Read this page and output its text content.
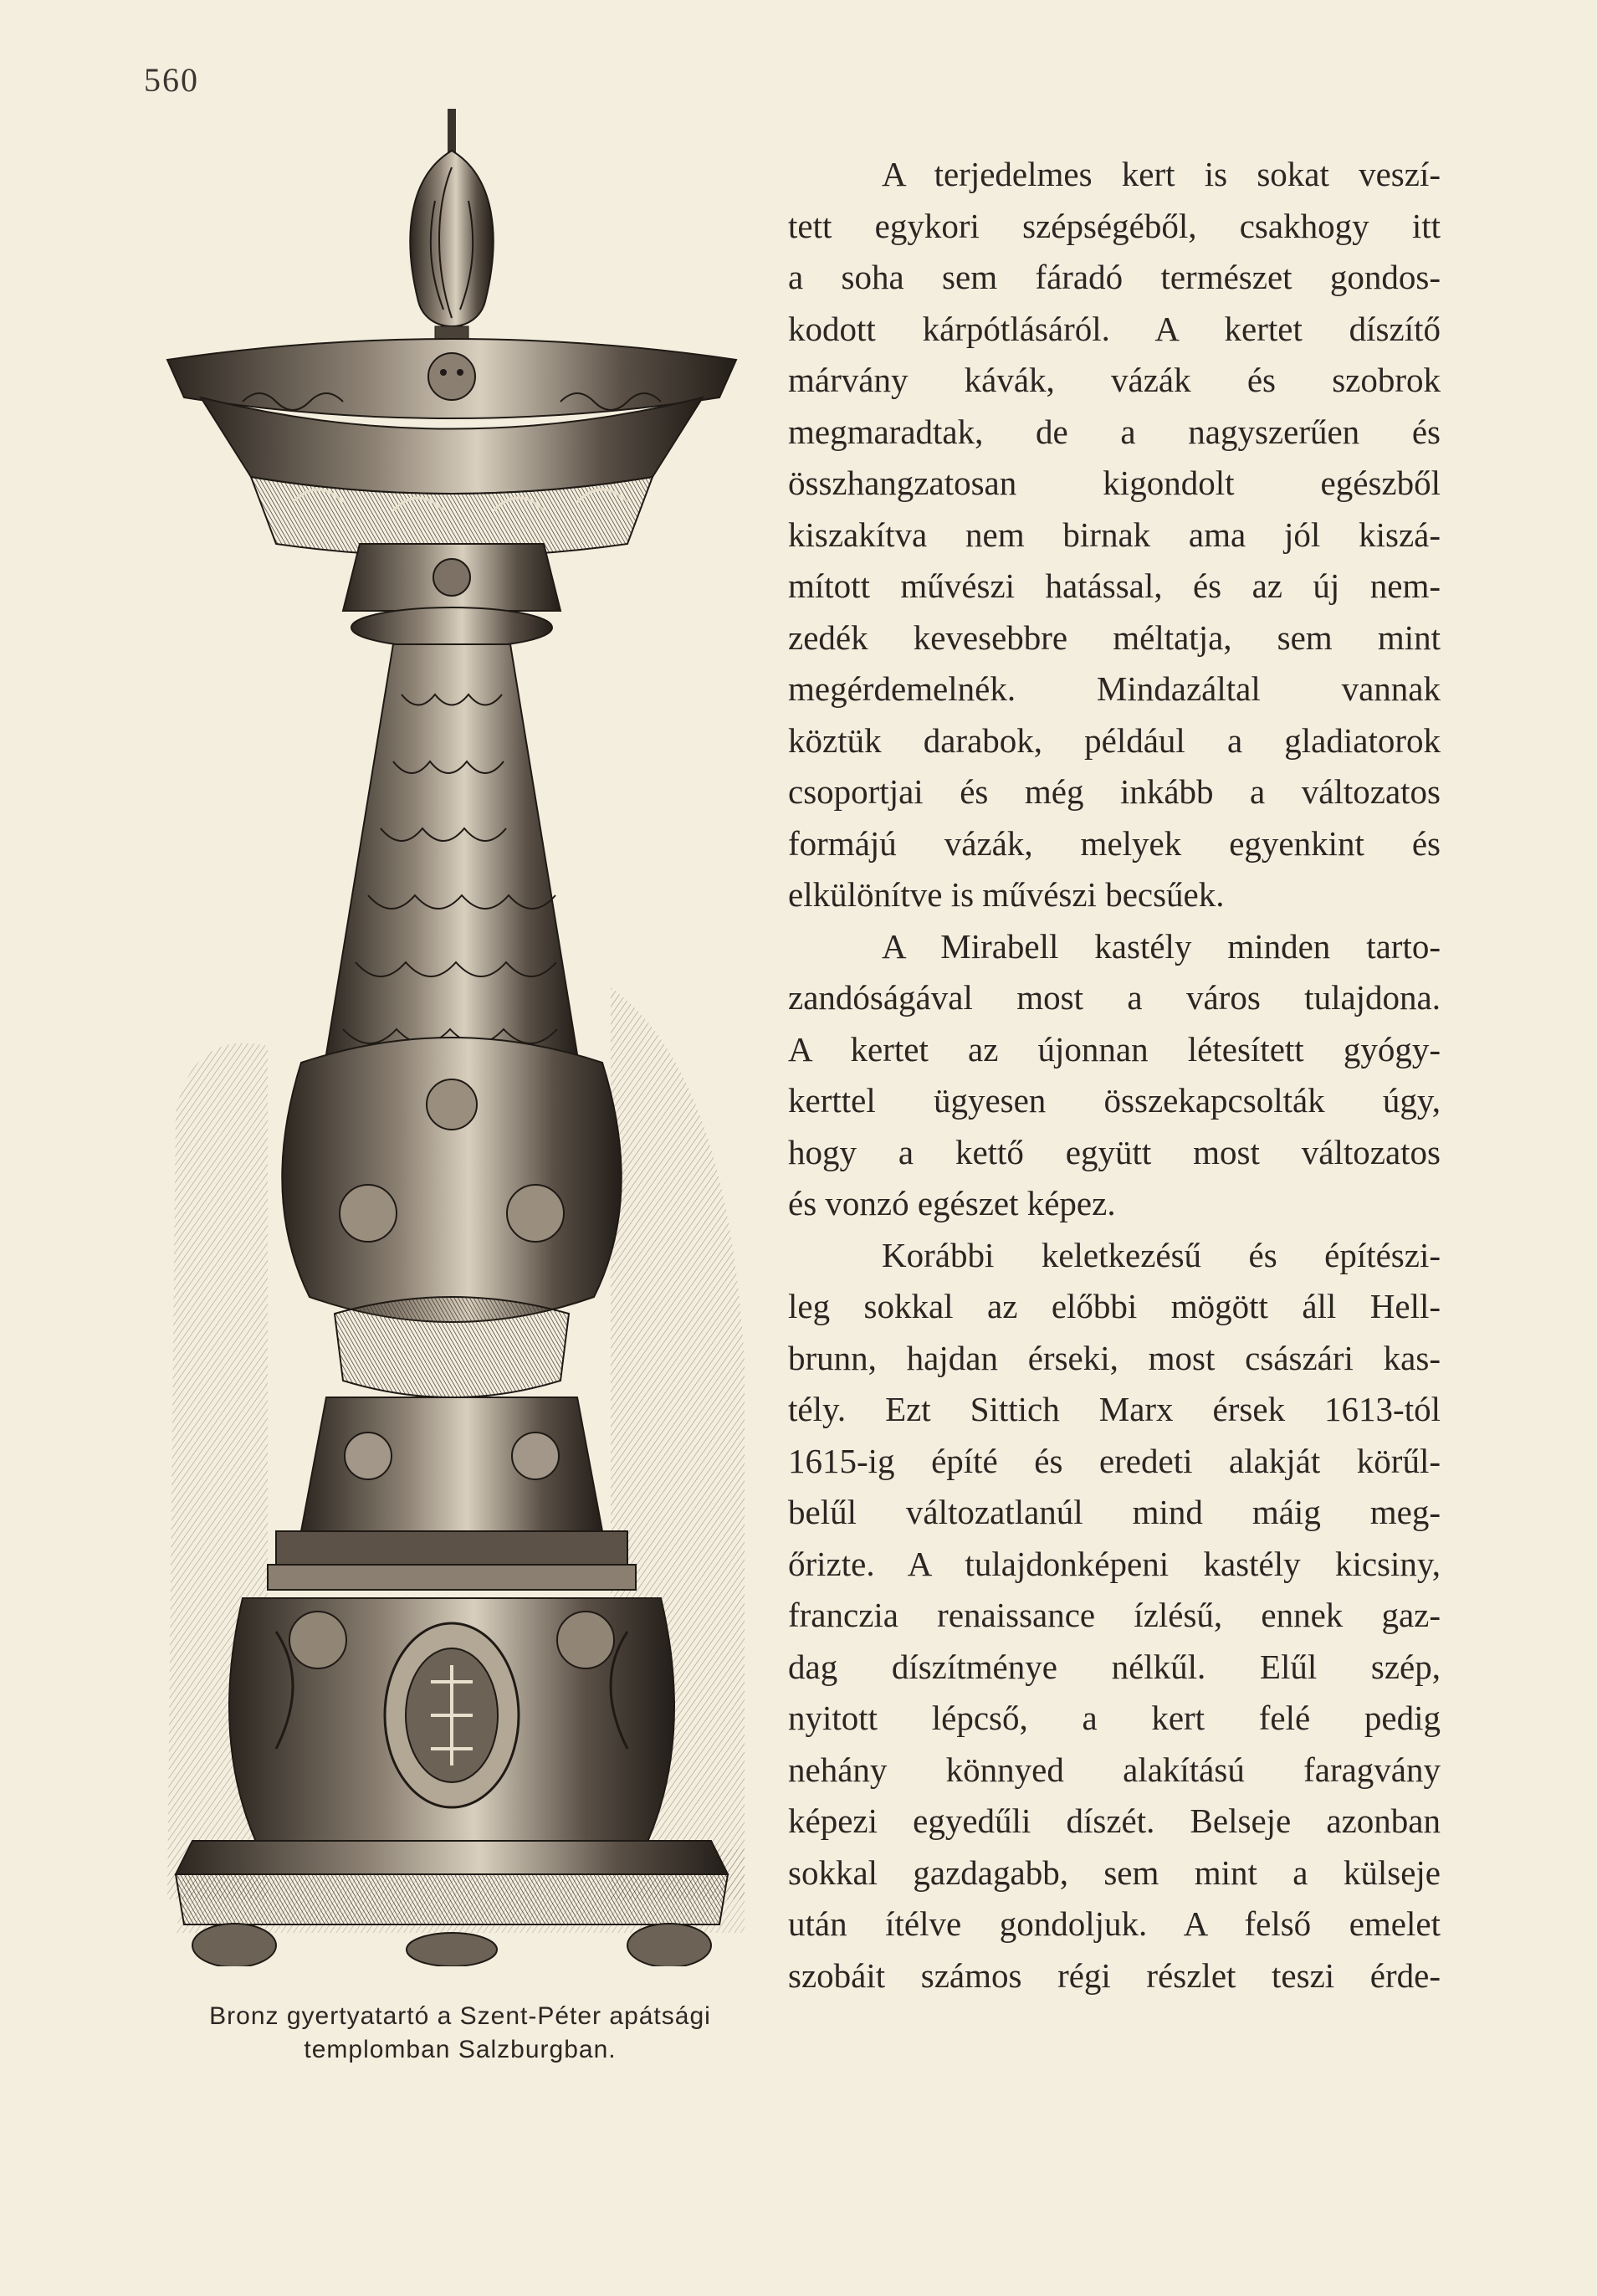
560
Bronz gyertyatartó a Szent-Péter apátsági
templomban Salzburgban.
A terjedelmes kert is sokat veszí-
tett egykori szépségéből, csakhogy itt
a soha sem fáradó természet gondos-
kodott kárpótlásáról. A kertet díszítő
márvány kávák, vázák és szobrok
megmaradtak, de a nagyszerűen és
összhangzatosan kigondolt egészből
kiszakítva nem birnak ama jól kiszá-
mított művészi hatással, és az új nem-
zedék kevesebbre méltatja, sem mint
megérdemelnék. Mindazáltal vannak
köztük darabok, például a gladiatorok
csoportjai és még inkább a változatos
formájú vázák, melyek egyenkint és
elkülönítve is művészi becsűek.
A Mirabell kastély minden tarto-
zandóságával most a város tulajdona.
A kertet az újonnan létesített gyógy-
kerttel ügyesen összekapcsolták úgy,
hogy a kettő együtt most változatos
és vonzó egészet képez.
Korábbi keletkezésű és építészi-
leg sokkal az előbbi mögött áll Hell-
brunn, hajdan érseki, most császári kas-
tély. Ezt Sittich Marx érsek 1613-tól
1615-ig építé és eredeti alakját körűl-
belűl változatlanúl mind máig meg-
őrizte. A tulajdonképeni kastély kicsiny,
franczia renaissance ízlésű, ennek gaz-
dag díszítménye nélkűl. Elűl szép,
nyitott lépcső, a kert felé pedig
nehány könnyed alakítású faragvány
képezi egyedűli díszét. Belseje azonban
sokkal gazdagabb, sem mint a külseje
után ítélve gondoljuk. A felső emelet
szobáit számos régi részlet teszi érde-
